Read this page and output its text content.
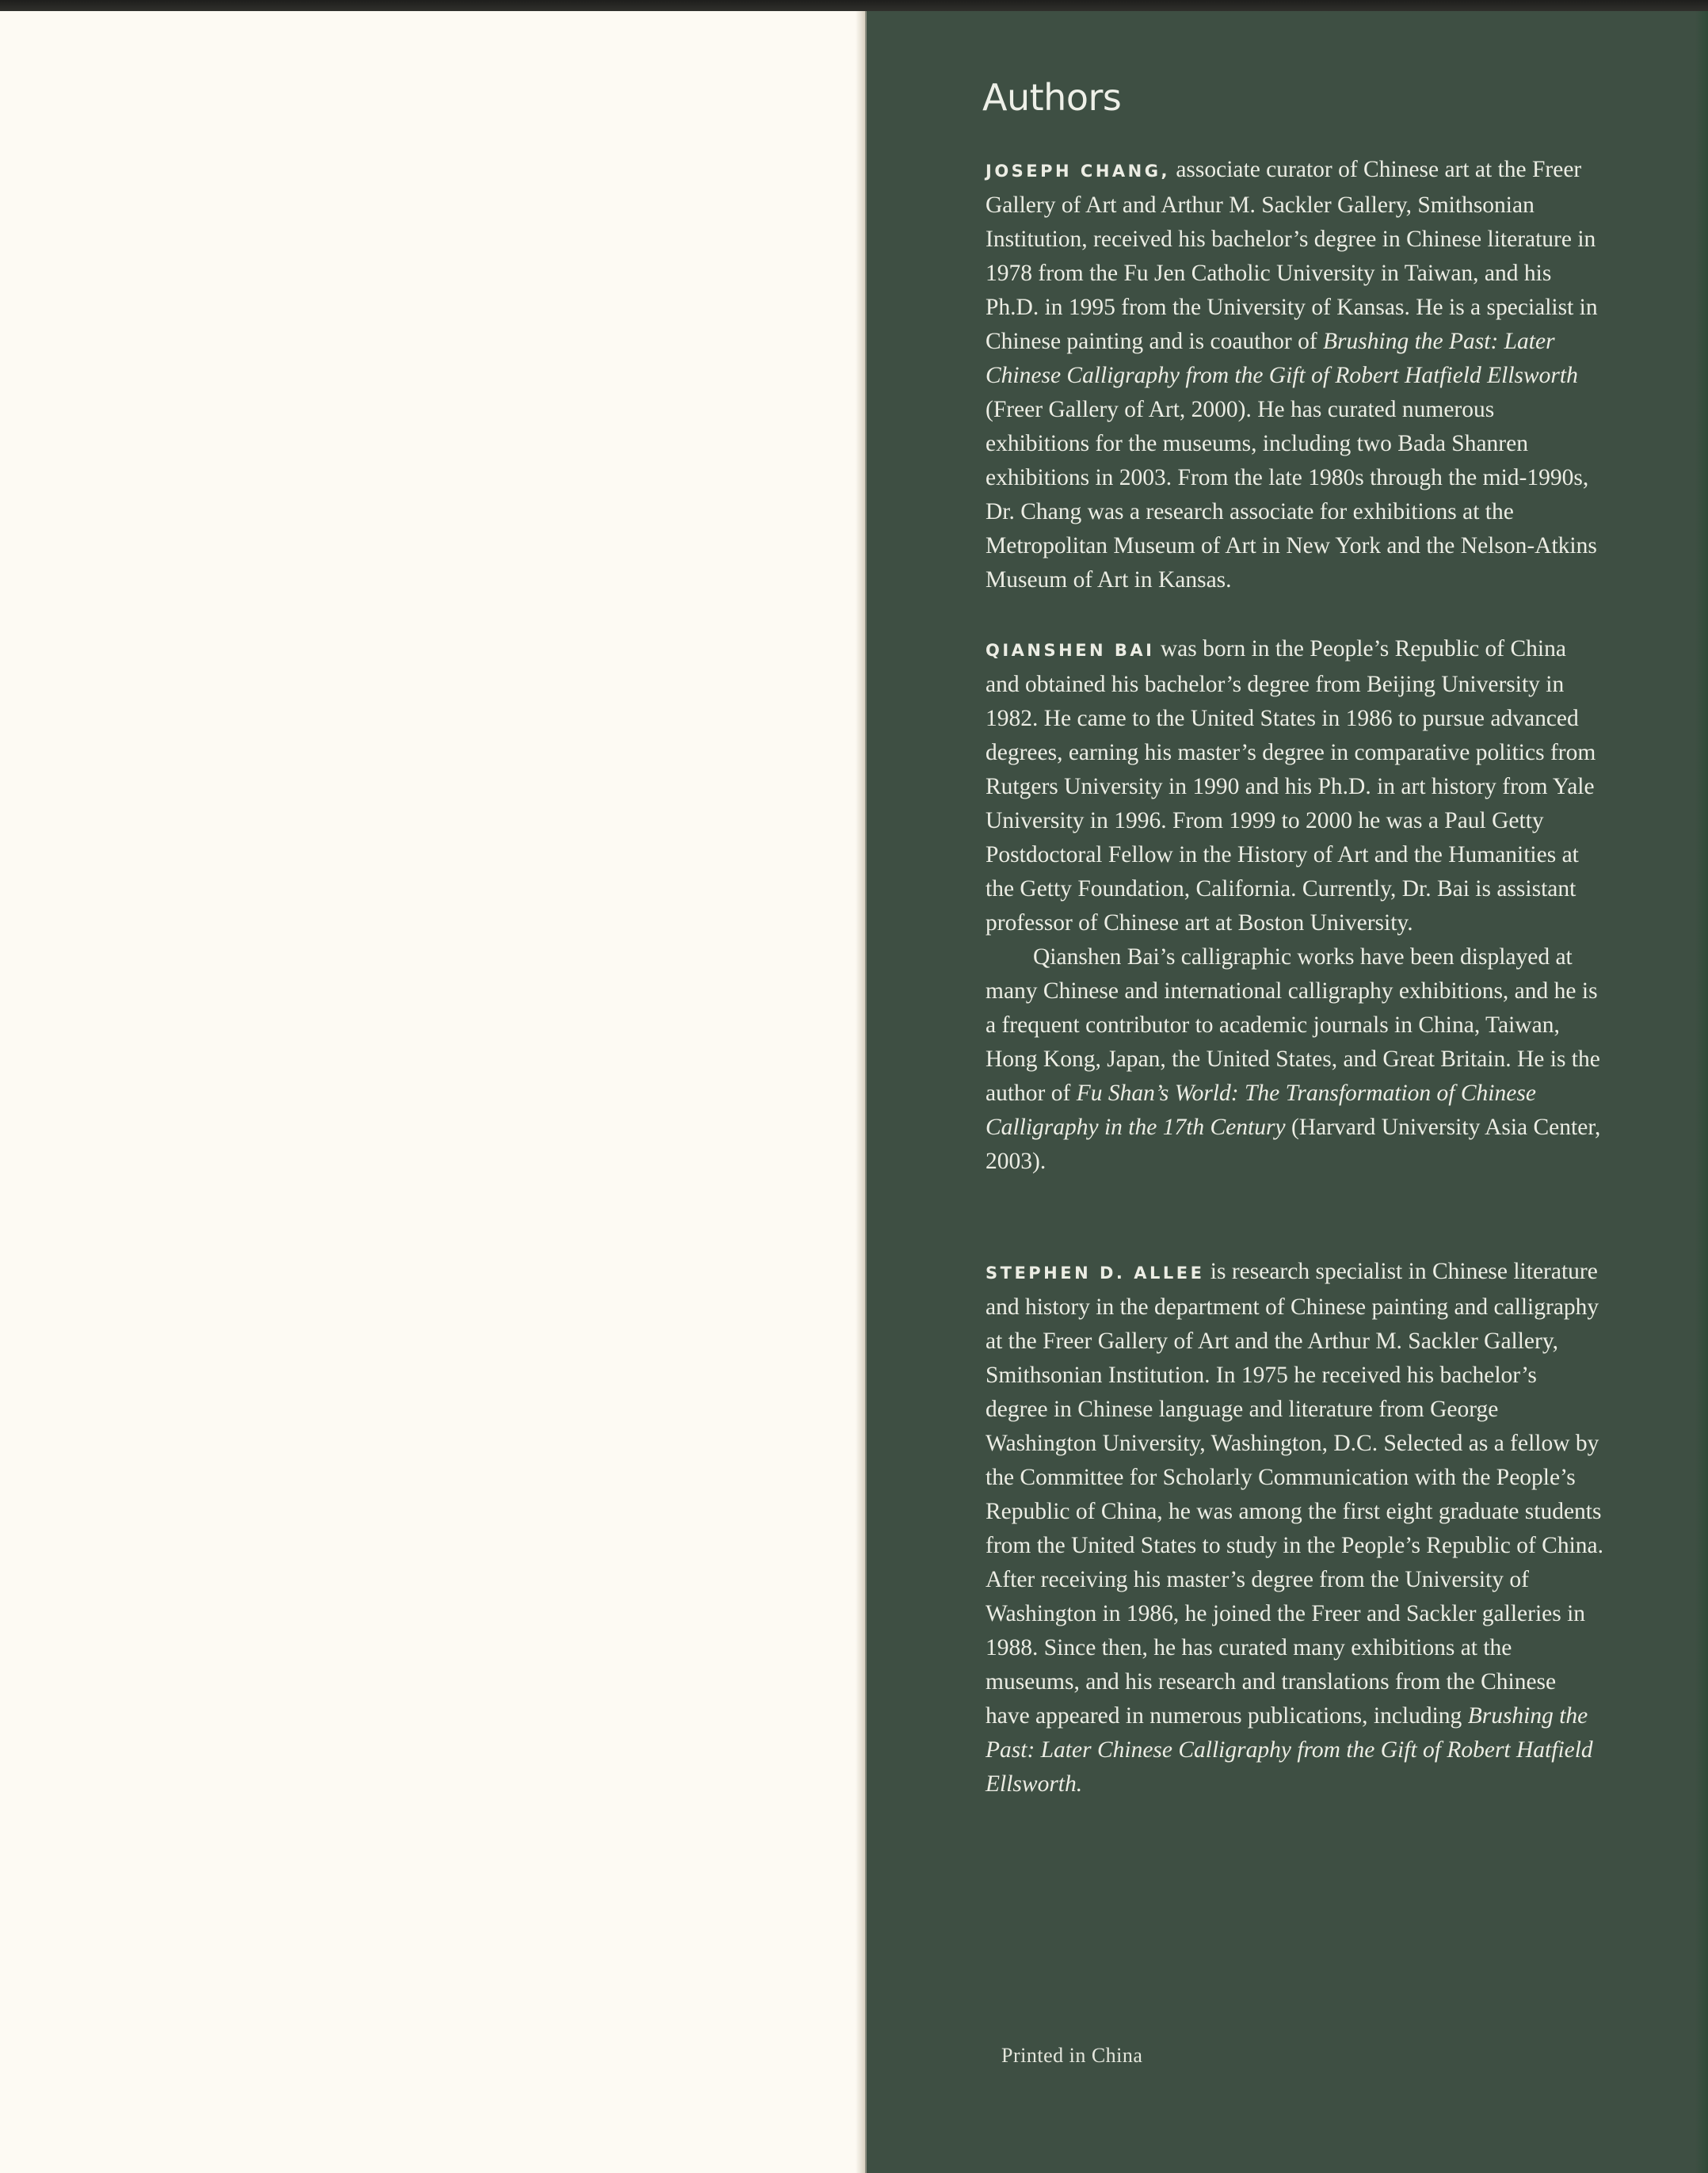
Authors

JOSEPH CHANG, associate curator of Chinese art at the Freer Gallery of Art and Arthur M. Sackler Gallery, Smithsonian Institution, received his bachelor’s degree in Chinese literature in 1978 from the Fu Jen Catholic University in Taiwan, and his Ph.D. in 1995 from the University of Kansas. He is a specialist in Chinese painting and is coauthor of Brushing the Past: Later Chinese Calligraphy from the Gift of Robert Hatfield Ellsworth (Freer Gallery of Art, 2000). He has curated numerous exhibitions for the museums, including two Bada Shanren exhibitions in 2003. From the late 1980s through the mid-1990s, Dr. Chang was a research associate for exhibitions at the Metropolitan Museum of Art in New York and the Nelson-Atkins Museum of Art in Kansas.

QIANSHEN BAI was born in the People’s Republic of China and obtained his bachelor’s degree from Beijing University in 1982. He came to the United States in 1986 to pursue advanced degrees, earning his master’s degree in comparative politics from Rutgers University in 1990 and his Ph.D. in art history from Yale University in 1996. From 1999 to 2000 he was a Paul Getty Postdoctoral Fellow in the History of Art and the Humanities at the Getty Foundation, California. Currently, Dr. Bai is assistant professor of Chinese art at Boston University.

Qianshen Bai’s calligraphic works have been displayed at many Chinese and international calligraphy exhibitions, and he is a frequent contributor to academic journals in China, Taiwan, Hong Kong, Japan, the United States, and Great Britain. He is the author of Fu Shan’s World: The Transformation of Chinese Calligraphy in the 17th Century (Harvard University Asia Center, 2003).

STEPHEN D. ALLEE is research specialist in Chinese literature and history in the department of Chinese painting and calligraphy at the Freer Gallery of Art and the Arthur M. Sackler Gallery, Smithsonian Institution. In 1975 he received his bachelor’s degree in Chinese language and literature from George Washington University, Washington, D.C. Selected as a fellow by the Committee for Scholarly Communication with the People’s Republic of China, he was among the first eight graduate students from the United States to study in the People’s Republic of China. After receiving his master’s degree from the University of Washington in 1986, he joined the Freer and Sackler galleries in 1988. Since then, he has curated many exhibitions at the museums, and his research and translations from the Chinese have appeared in numerous publications, including Brushing the Past: Later Chinese Calligraphy from the Gift of Robert Hatfield Ellsworth.

Printed in China
